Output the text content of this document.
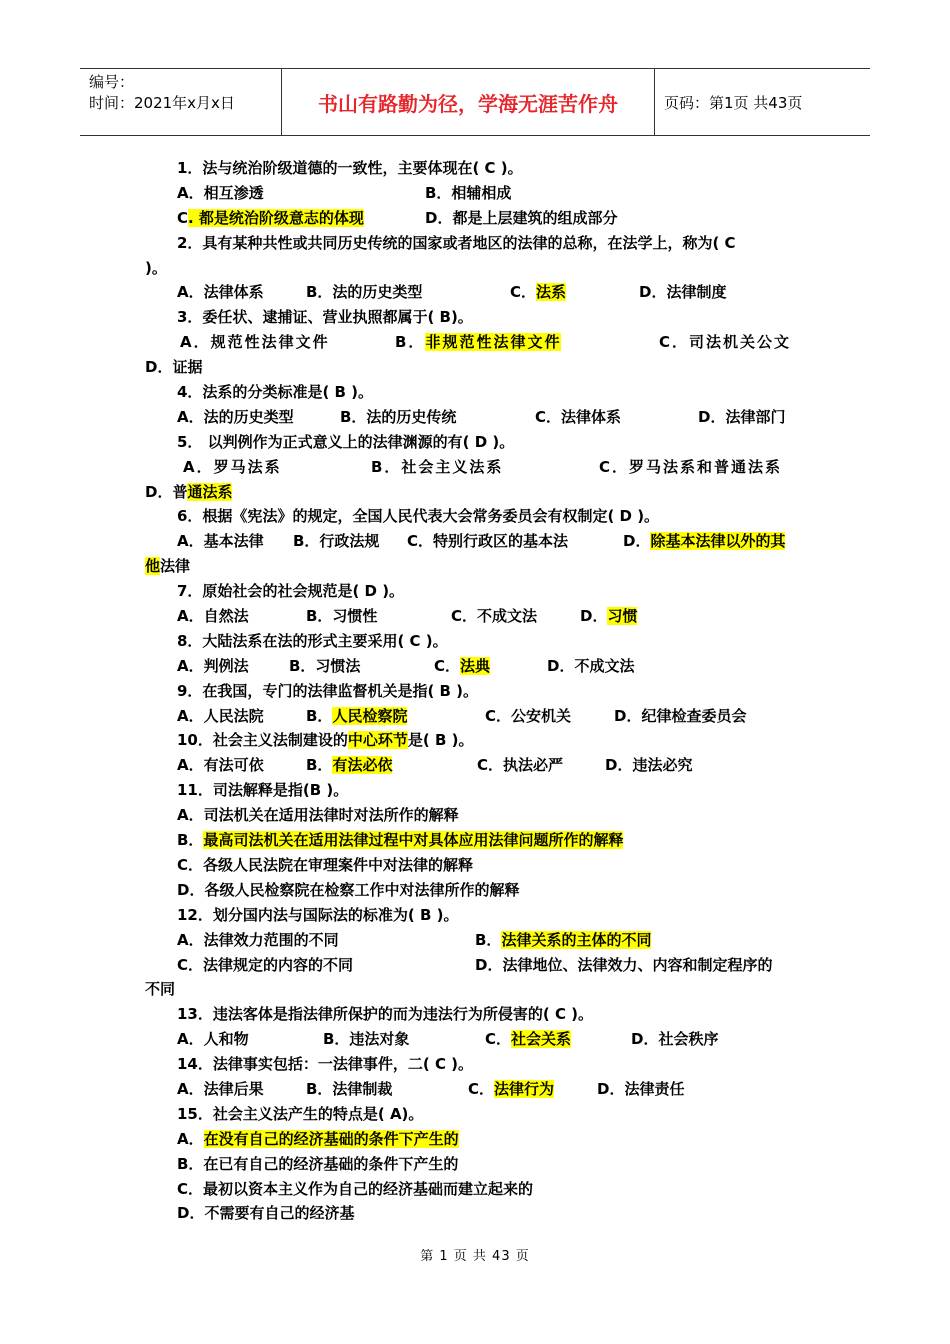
编号：
时间：2021年x月x日	书山有路勤为径，学海无涯苦作舟	页码：第1页 共43页
1．法与统治阶级道德的一致性，主要体现在( C )。
A．相互渗透	B．相辅相成
C. 都是统治阶级意志的体现	D．都是上层建筑的组成部分
2．具有某种共性或共同历史传统的国家或者地区的法律的总称，在法学上，称为( C
)。
A．法律体系	B．法的历史类型	C．法系	D．法律制度
3．委任状、逮捕证、营业执照都属于( B)。
A．规范性法律文件	B．非规范性法律文件	C．司法机关公文
D．证据
4．法系的分类标准是( B )。
A．法的历史类型	B．法的历史传统	C．法律体系	D．法律部门
5． 以判例作为正式意义上的法律渊源的有( D )。
A．罗马法系	B．社会主义法系	C．罗马法系和普通法系
D．普通法系
6．根据《宪法》的规定，全国人民代表大会常务委员会有权制定( D )。
A．基本法律 B．行政法规 C．特别行政区的基本法	D．除基本法律以外的其
他法律
7．原始社会的社会规范是( D )。
A．自然法	B．习惯性	C．不成文法	D．习惯
8．大陆法系在法的形式主要采用( C )。
A．判例法	B．习惯法	C．法典	D．不成文法
9．在我国，专门的法律监督机关是指( B )。
A．人民法院	B．人民检察院	C．公安机关	D．纪律检查委员会
10．社会主义法制建设的中心环节是( B )。
A．有法可依	B．有法必依	C．执法必严	D．违法必究
11．司法解释是指(B )。
A．司法机关在适用法律时对法所作的解释
B．最高司法机关在适用法律过程中对具体应用法律问题所作的解释
C．各级人民法院在审理案件中对法律的解释
D．各级人民检察院在检察工作中对法律所作的解释
12．划分国内法与国际法的标准为( B )。
A．法律效力范围的不同	B．法律关系的主体的不同
C．法律规定的内容的不同	D．法律地位、法律效力、内容和制定程序的
不同
13．违法客体是指法律所保护的而为违法行为所侵害的( C )。
A．人和物	B．违法对象	C．社会关系	D．社会秩序
14．法律事实包括：一法律事件，二( C )。
A．法律后果	B．法律制裁	C．法律行为	D．法律责任
15．社会主义法产生的特点是( A)。
A．在没有自己的经济基础的条件下产生的
B．在已有自己的经济基础的条件下产生的
C．最初以资本主义作为自己的经济基础而建立起来的
D．不需要有自己的经济基
第 1 页 共 43 页
